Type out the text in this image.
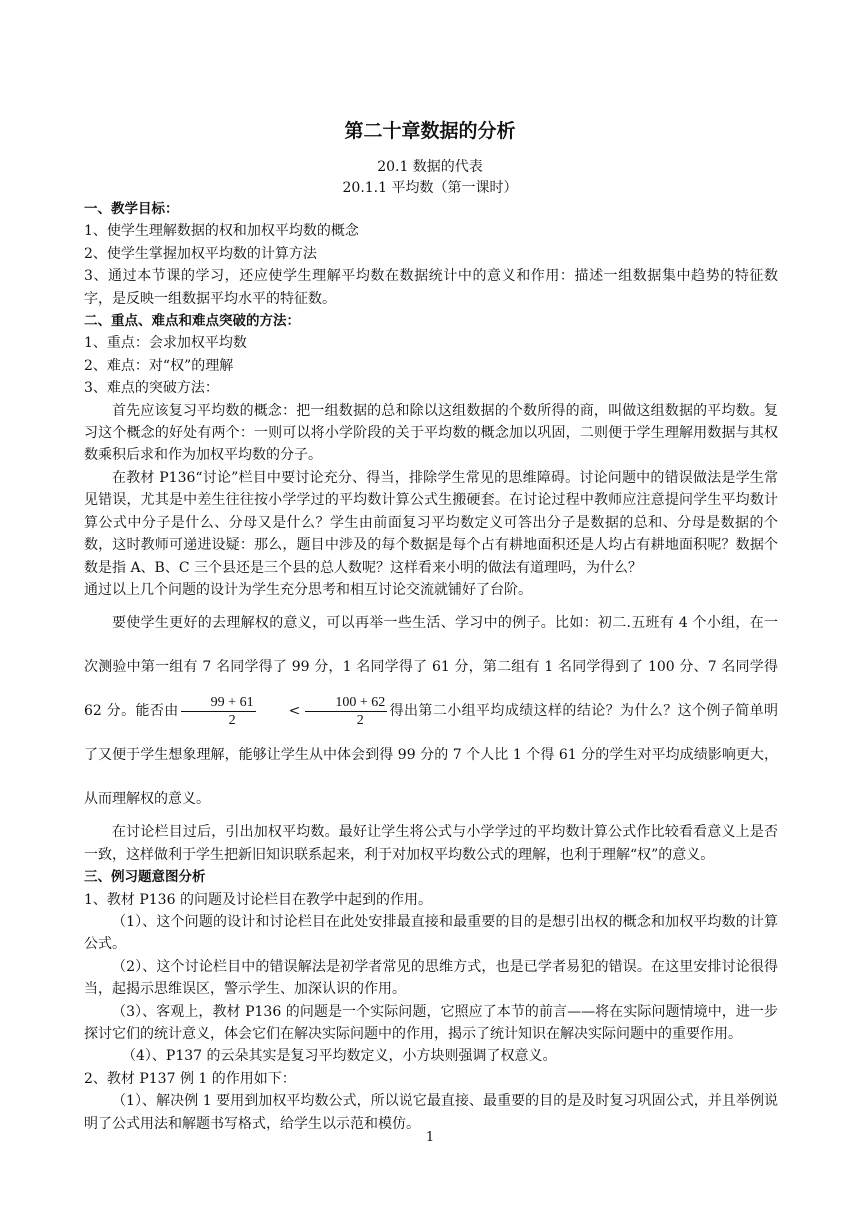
第二十章数据的分析
20.1 数据的代表
20.1.1 平均数（第一课时）

一、教学目标：

1、使学生理解数据的权和加权平均数的概念

2、使学生掌握加权平均数的计算方法

3、通过本节课的学习，还应使学生理解平均数在数据统计中的意义和作用：描述一组数据集中趋势的特征数字，是反映一组数据平均水平的特征数。

二、重点、难点和难点突破的方法：

1、重点：会求加权平均数

2、难点：对“权”的理解

3、难点的突破方法：

首先应该复习平均数的概念：把一组数据的总和除以这组数据的个数所得的商，叫做这组数据的平均数。复习这个概念的好处有两个：一则可以将小学阶段的关于平均数的概念加以巩固，二则便于学生理解用数据与其权数乘积后求和作为加权平均数的分子。

在教材 P136“讨论”栏目中要讨论充分、得当，排除学生常见的思维障碍。讨论问题中的错误做法是学生常见错误，尤其是中差生往往按小学学过的平均数计算公式生搬硬套。在讨论过程中教师应注意提问学生平均数计算公式中分子是什么、分母又是什么？学生由前面复习平均数定义可答出分子是数据的总和、分母是数据的个数，这时教师可递进设疑：那么，题目中涉及的每个数据是每个占有耕地面积还是人均占有耕地面积呢？数据个数是指 A、B、C 三个县还是三个县的总人数呢？这样看来小明的做法有道理吗，为什么？

通过以上几个问题的设计为学生充分思考和相互讨论交流就铺好了台阶。

要使学生更好的去理解权的意义，可以再举一些生活、学习中的例子。比如：初二.五班有 4 个小组，在一次测验中第一组有 7 名同学得了 99 分，1 名同学得了 61 分，第二组有 1 名同学得到了 100 分、7 名同学得 62 分。能否由 $\frac{99 + 61}{2} < \frac{100 + 62}{2}$ 得出第二小组平均成绩这样的结论？为什么？这个例子简单明了又便于学生想象理解，能够让学生从中体会到得 99 分的 7 个人比 1 个得 61 分的学生对平均成绩影响更大，从而理解权的意义。

在讨论栏目过后，引出加权平均数。最好让学生将公式与小学学过的平均数计算公式作比较看看意义上是否一致，这样做利于学生把新旧知识联系起来，利于对加权平均数公式的理解，也利于理解“权”的意义。

三、例习题意图分析

1、教材 P136 的问题及讨论栏目在教学中起到的作用。

（1）、这个问题的设计和讨论栏目在此处安排最直接和最重要的目的是想引出权的概念和加权平均数的计算公式。

（2）、这个讨论栏目中的错误解法是初学者常见的思维方式，也是已学者易犯的错误。在这里安排讨论很得当，起揭示思维误区，警示学生、加深认识的作用。

（3）、客观上，教材 P136 的问题是一个实际问题，它照应了本节的前言——将在实际问题情境中，进一步探讨它们的统计意义，体会它们在解决实际问题中的作用，揭示了统计知识在解决实际问题中的重要作用。

（4）、P137 的云朵其实是复习平均数定义，小方块则强调了权意义。

2、教材 P137 例 1 的作用如下：

（1）、解决例 1 要用到加权平均数公式，所以说它最直接、最重要的目的是及时复习巩固公式，并且举例说明了公式用法和解题书写格式，给学生以示范和模仿。

1
